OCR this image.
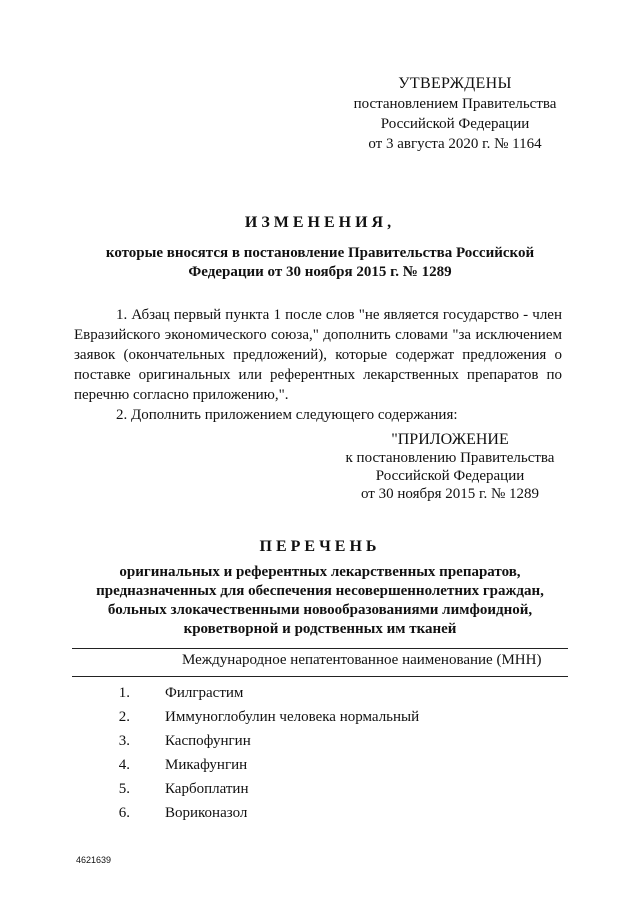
УТВЕРЖДЕНЫ
постановлением Правительства
Российской Федерации
от 3 августа 2020 г. № 1164
ИЗМЕНЕНИЯ,
которые вносятся в постановление Правительства Российской
Федерации от 30 ноября 2015 г. № 1289
1. Абзац первый пункта 1 после слов "не является государство - член Евразийского экономического союза," дополнить словами "за исключением заявок (окончательных предложений), которые содержат предложения о поставке оригинальных или референтных лекарственных препаратов по перечню согласно приложению,".
2. Дополнить приложением следующего содержания:
"ПРИЛОЖЕНИЕ
к постановлению Правительства
Российской Федерации
от 30 ноября 2015 г. № 1289
ПЕРЕЧЕНЬ
оригинальных и референтных лекарственных препаратов,
предназначенных для обеспечения несовершеннолетних граждан,
больных злокачественными новообразованиями лимфоидной,
кроветворной и родственных им тканей
Международное непатентованное наименование (МНН)
1. Филграстим
2. Иммуноглобулин человека нормальный
3. Каспофунгин
4. Микафунгин
5. Карбоплатин
6. Вориконазол
4621639
